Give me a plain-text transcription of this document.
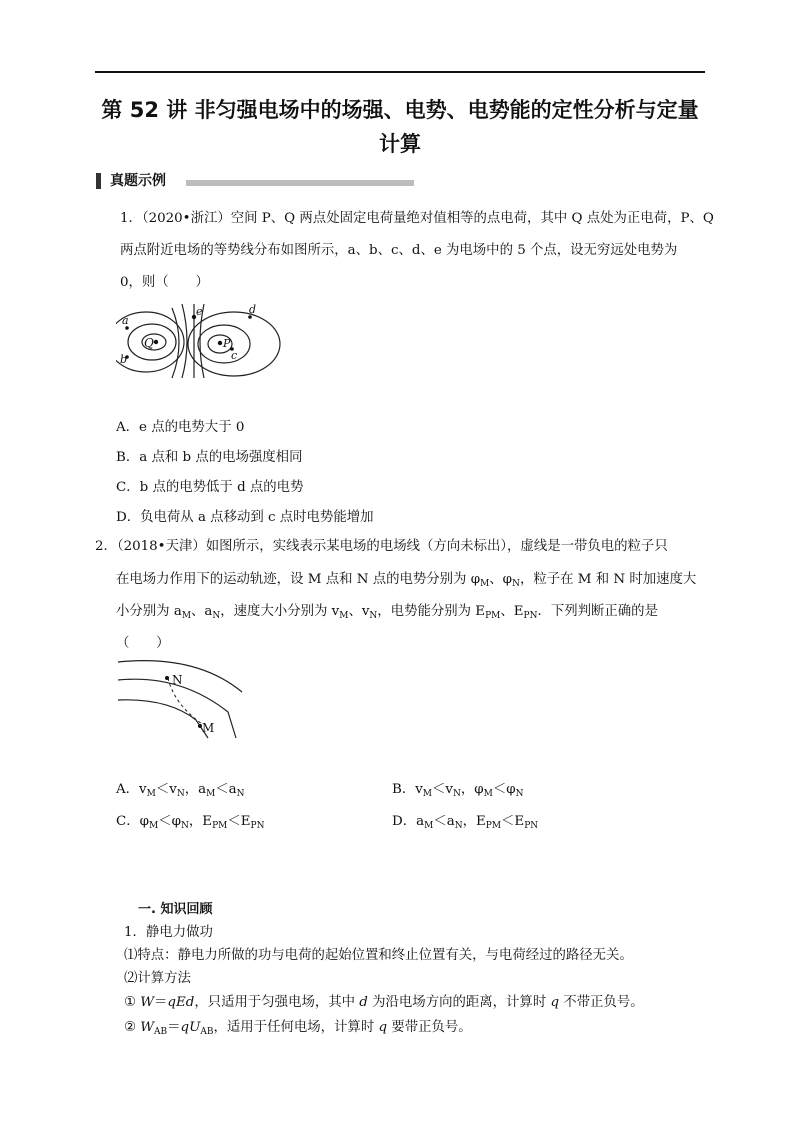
第 52 讲 非匀强电场中的场强、电势、电势能的定性分析与定量
计算
真题示例
1．（2020•浙江）空间 P、Q 两点处固定电荷量绝对值相等的点电荷，其中 Q 点处为正电荷，P、Q
两点附近电场的等势线分布如图所示，a、b、c、d、e 为电场中的 5 个点，设无穷远处电势为
0，则（　　）
Q	P
a
b	c
d
e
A．e 点的电势大于 0
B．a 点和 b 点的电场强度相同
C．b 点的电势低于 d 点的电势
D．负电荷从 a 点移动到 c 点时电势能增加
2．（2018•天津）如图所示，实线表示某电场的电场线（方向未标出），虚线是一带负电的粒子只
在电场力作用下的运动轨迹，设 M 点和 N 点的电势分别为 $\varphi_M$、$\varphi_N$，粒子在 M 和 N 时加速度大
小分别为 $a_M$、$a_N$，速度大小分别为 $v_M$、$v_N$，电势能分别为 $E_{PM}$、$E_{PN}$．下列判断正确的是
（　　）
N
M
A．$v_M<v_N$，$a_M<a_N$	B．$v_M<v_N$，$\varphi_M<\varphi_N$
C．$\varphi_M<\varphi_N$，$E_{PM}<E_{PN}$	D．$a_M<a_N$，$E_{PM}<E_{PN}$
一. 知识回顾
1．静电力做功
⑴特点：静电力所做的功与电荷的起始位置和终止位置有关，与电荷经过的路径无关。
⑵计算方法
① W＝qEd，只适用于匀强电场，其中 d 为沿电场方向的距离，计算时 q 不带正负号。
② $W_{AB}=qU_{AB}$，适用于任何电场，计算时 q 要带正负号。
